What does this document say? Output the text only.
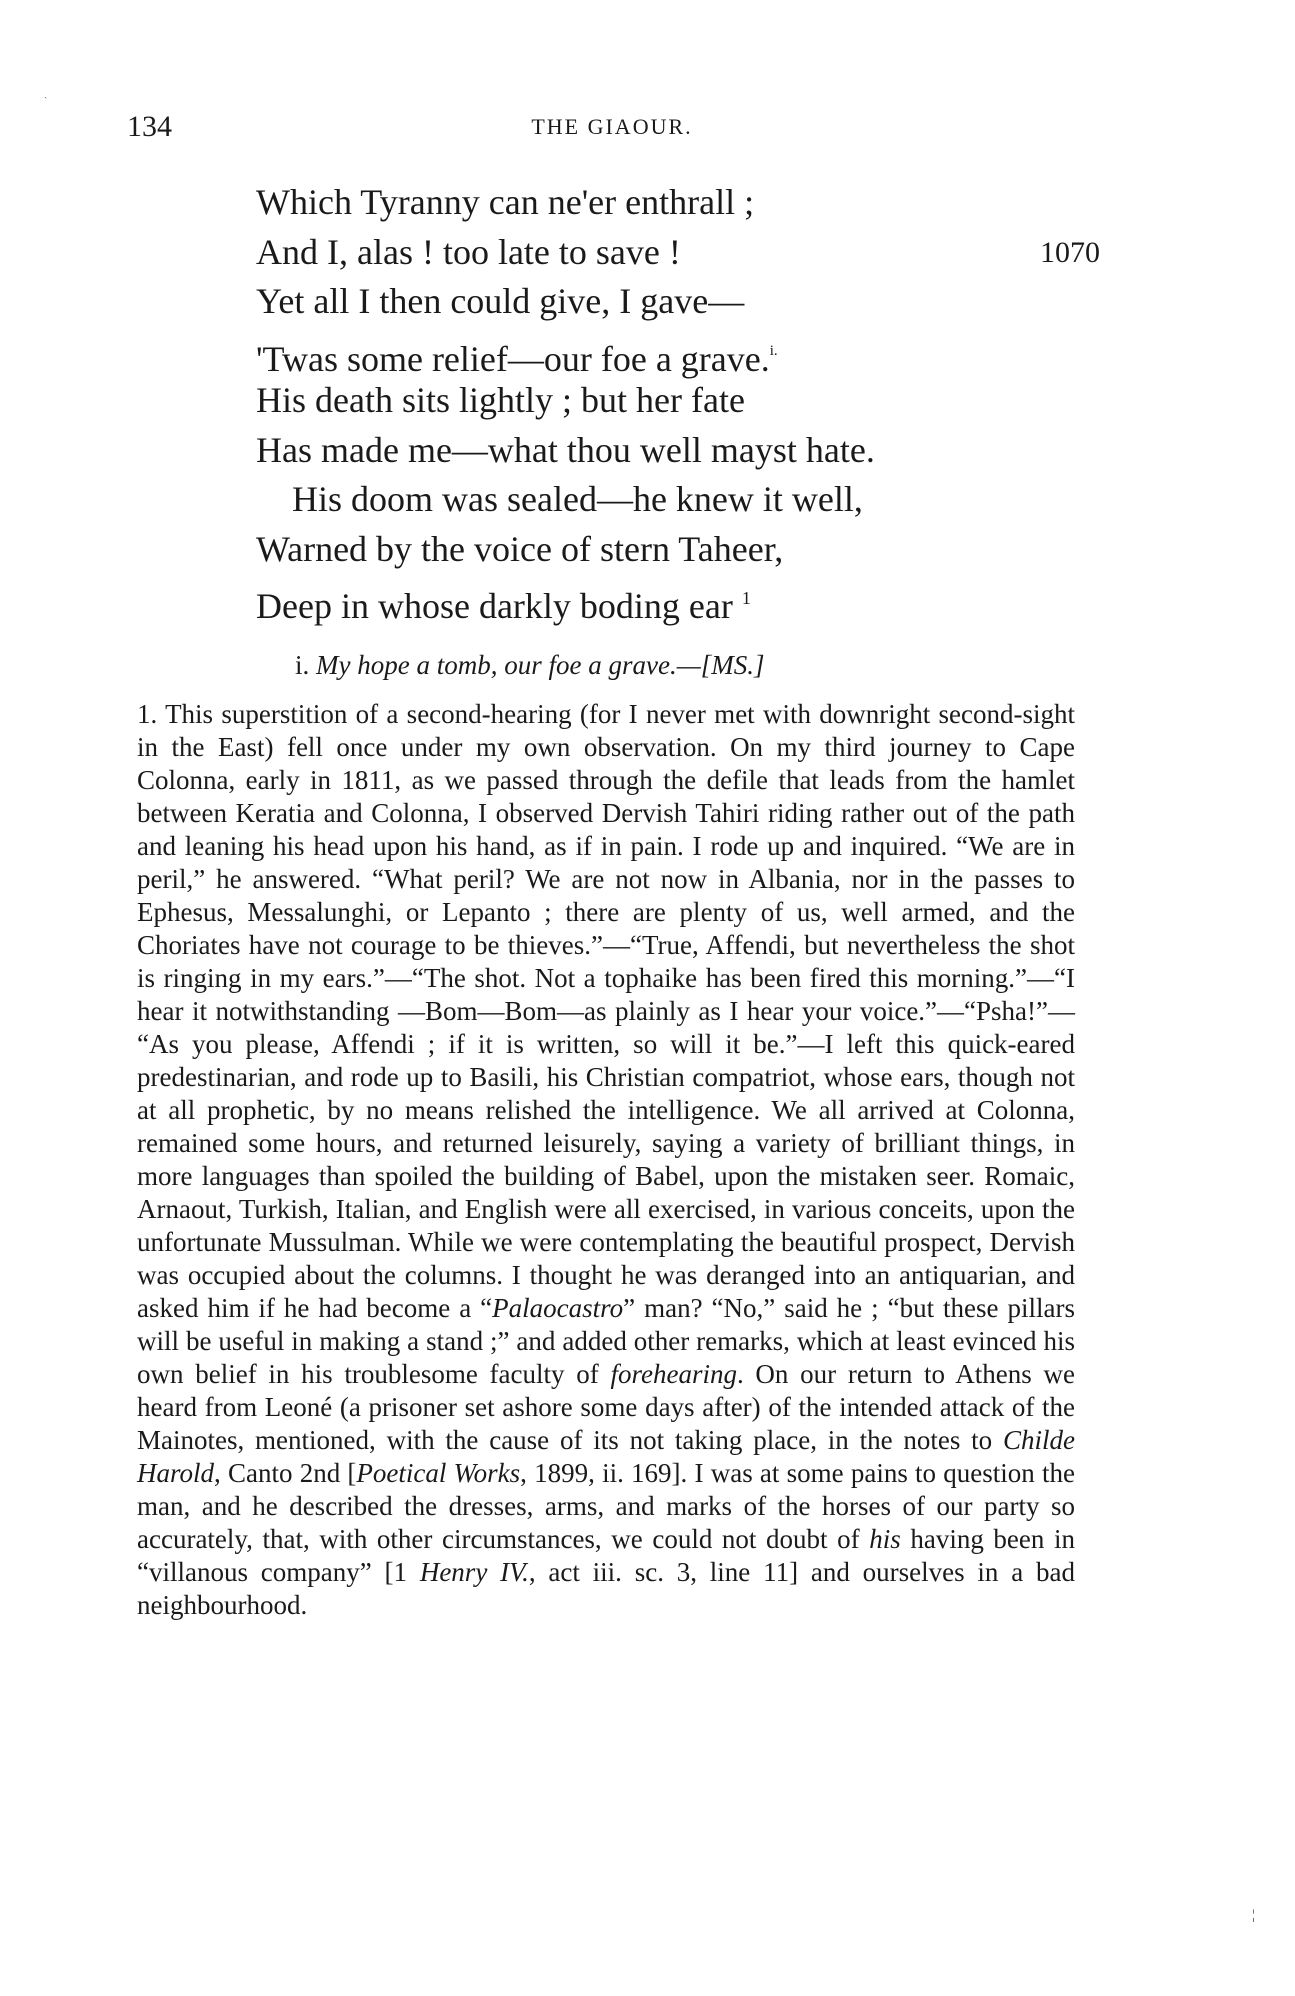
ˎ
134	THE GIAOUR.
Which Tyranny can ne'er enthrall ;
And I, alas ! too late to save !	1070
Yet all I then could give, I gave—
'Twas some relief—our foe a grave.$^{i.}$
His death sits lightly ; but her fate
Has made me—what thou well mayst hate.
His doom was sealed—he knew it well,
Warned by the voice of stern Taheer,
Deep in whose darkly boding ear $^1$
i. My hope a tomb, our foe a grave.—[MS.]
1. This superstition of a second-hearing (for I never met with downright second-sight in the East) fell once under my own observation. On my third journey to Cape Colonna, early in 1811, as we passed through the defile that leads from the hamlet between Keratia and Colonna, I observed Dervish Tahiri riding rather out of the path and leaning his head upon his hand, as if in pain. I rode up and inquired. “We are in peril,” he answered. “What peril? We are not now in Albania, nor in the passes to Ephesus, Messalunghi, or Lepanto ; there are plenty of us, well armed, and the Choriates have not courage to be thieves.”—“True, Affendi, but nevertheless the shot is ringing in my ears.”—“The shot. Not a tophaike has been fired this morning.”—“I hear it notwithstanding —Bom—Bom—as plainly as I hear your voice.”—“Psha!”— “As you please, Affendi ; if it is written, so will it be.”—I left this quick-eared predestinarian, and rode up to Basili, his Christian compatriot, whose ears, though not at all prophetic, by no means relished the intelligence. We all arrived at Colonna, remained some hours, and returned leisurely, saying a variety of brilliant things, in more languages than spoiled the building of Babel, upon the mistaken seer. Romaic, Arnaout, Turkish, Italian, and English were all exercised, in various conceits, upon the unfortunate Mussulman. While we were contemplating the beautiful prospect, Dervish was occupied about the columns. I thought he was deranged into an antiquarian, and asked him if he had become a “Palaocastro” man? “No,” said he ; “but these pillars will be useful in making a stand ;” and added other remarks, which at least evinced his own belief in his troublesome faculty of forehearing. On our return to Athens we heard from Leoné (a prisoner set ashore some days after) of the intended attack of the Mainotes, mentioned, with the cause of its not taking place, in the notes to Childe Harold, Canto 2nd [Poetical Works, 1899, ii. 169]. I was at some pains to question the man, and he described the dresses, arms, and marks of the horses of our party so accurately, that, with other circumstances, we could not doubt of his having been in “villanous company” [1 Henry IV., act iii. sc. 3, line 11] and ourselves in a bad neighbourhood.
¦
